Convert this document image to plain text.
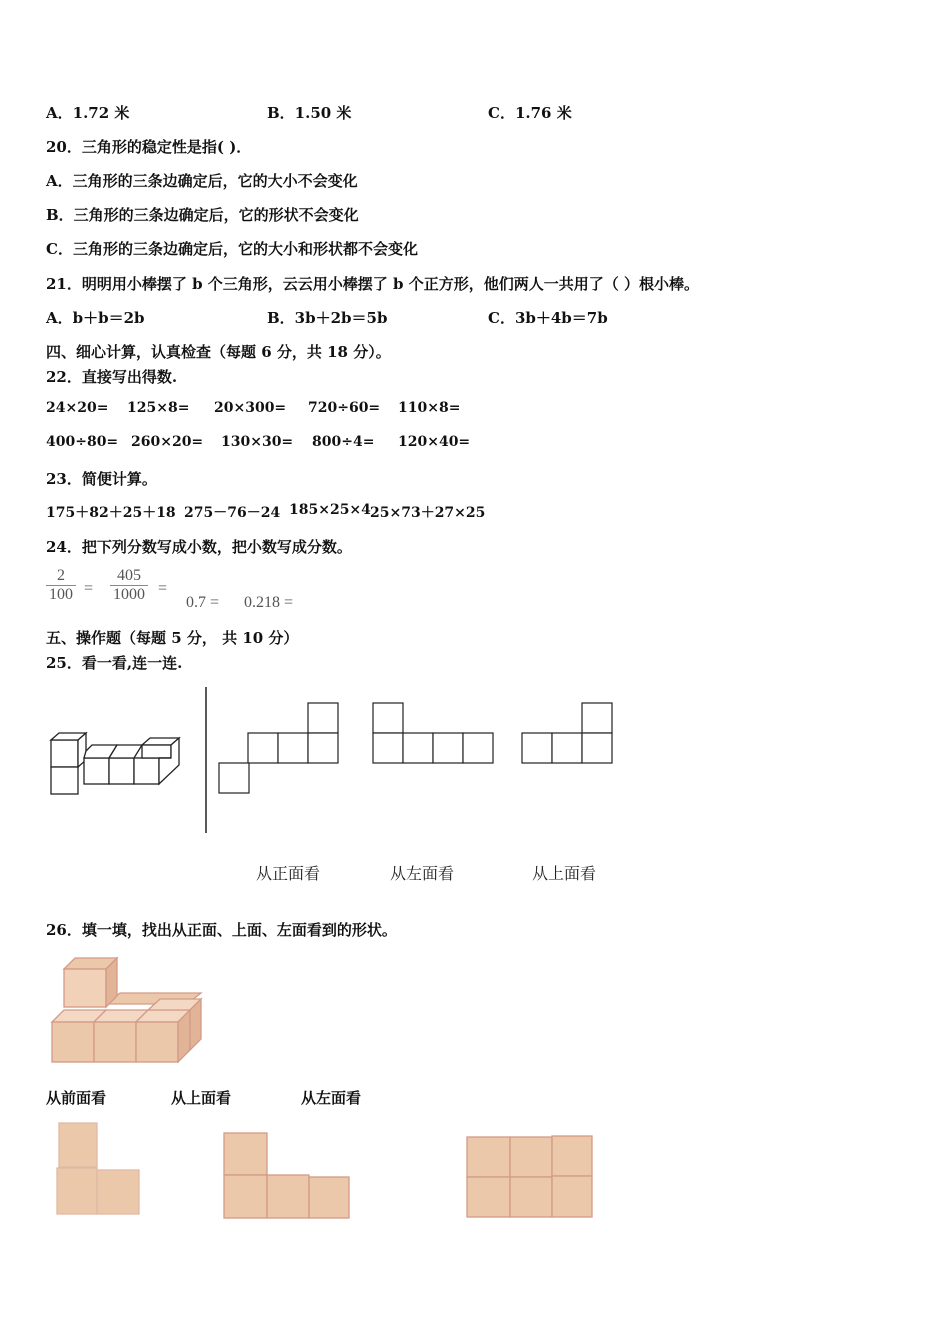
A．1.72 米	B．1.50 米	C．1.76 米
20．三角形的稳定性是指( )．
A．三角形的三条边确定后，它的大小不会变化
B．三角形的三条边确定后，它的形状不会变化
C．三角形的三条边确定后，它的大小和形状都不会变化
21．明明用小棒摆了 b 个三角形，云云用小棒摆了 b 个正方形，他们两人一共用了（ ）根小棒。
A．b＋b＝2b	B．3b＋2b＝5b	C．3b＋4b＝7b
四、细心计算，认真检查（每题 6 分，共 18 分）。
22．直接写出得数.
24×20= 125×8= 20×300= 720÷60= 110×8=
400÷80= 260×20= 130×30= 800÷4= 120×40=
23．简便计算。
175＋82＋25＋18 275－76－24 185×25×4 25×73＋27×25
24．把下列分数写成小数，把小数写成分数。
$\frac{2}{100} = \frac{405}{1000}$ =
0.7 = 0.218 =
五、操作题（每题 5 分， 共 10 分）
25．看一看,连一连.
从正面看	从左面看	从上面看
26．填一填，找出从正面、上面、左面看到的形状。
从前面看	从上面看	从左面看
